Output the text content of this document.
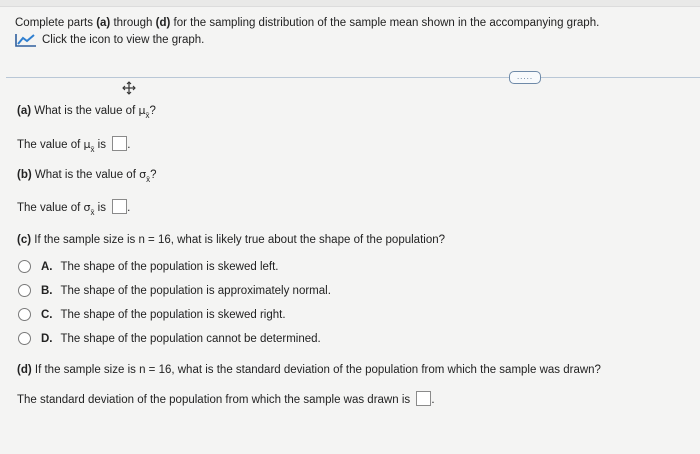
Complete parts (a) through (d) for the sampling distribution of the sample mean shown in the accompanying graph.
Click the icon to view the graph.
.....
(a) What is the value of $\mu_{x̄}$?
The value of $\mu_{x̄}$ is .
(b) What is the value of $\sigma_{x̄}$?
The value of $\sigma_{x̄}$ is .
(c) If the sample size is n = 16, what is likely true about the shape of the population?
A. The shape of the population is skewed left.
B. The shape of the population is approximately normal.
C. The shape of the population is skewed right.
D. The shape of the population cannot be determined.
(d) If the sample size is n = 16, what is the standard deviation of the population from which the sample was drawn?
The standard deviation of the population from which the sample was drawn is .
